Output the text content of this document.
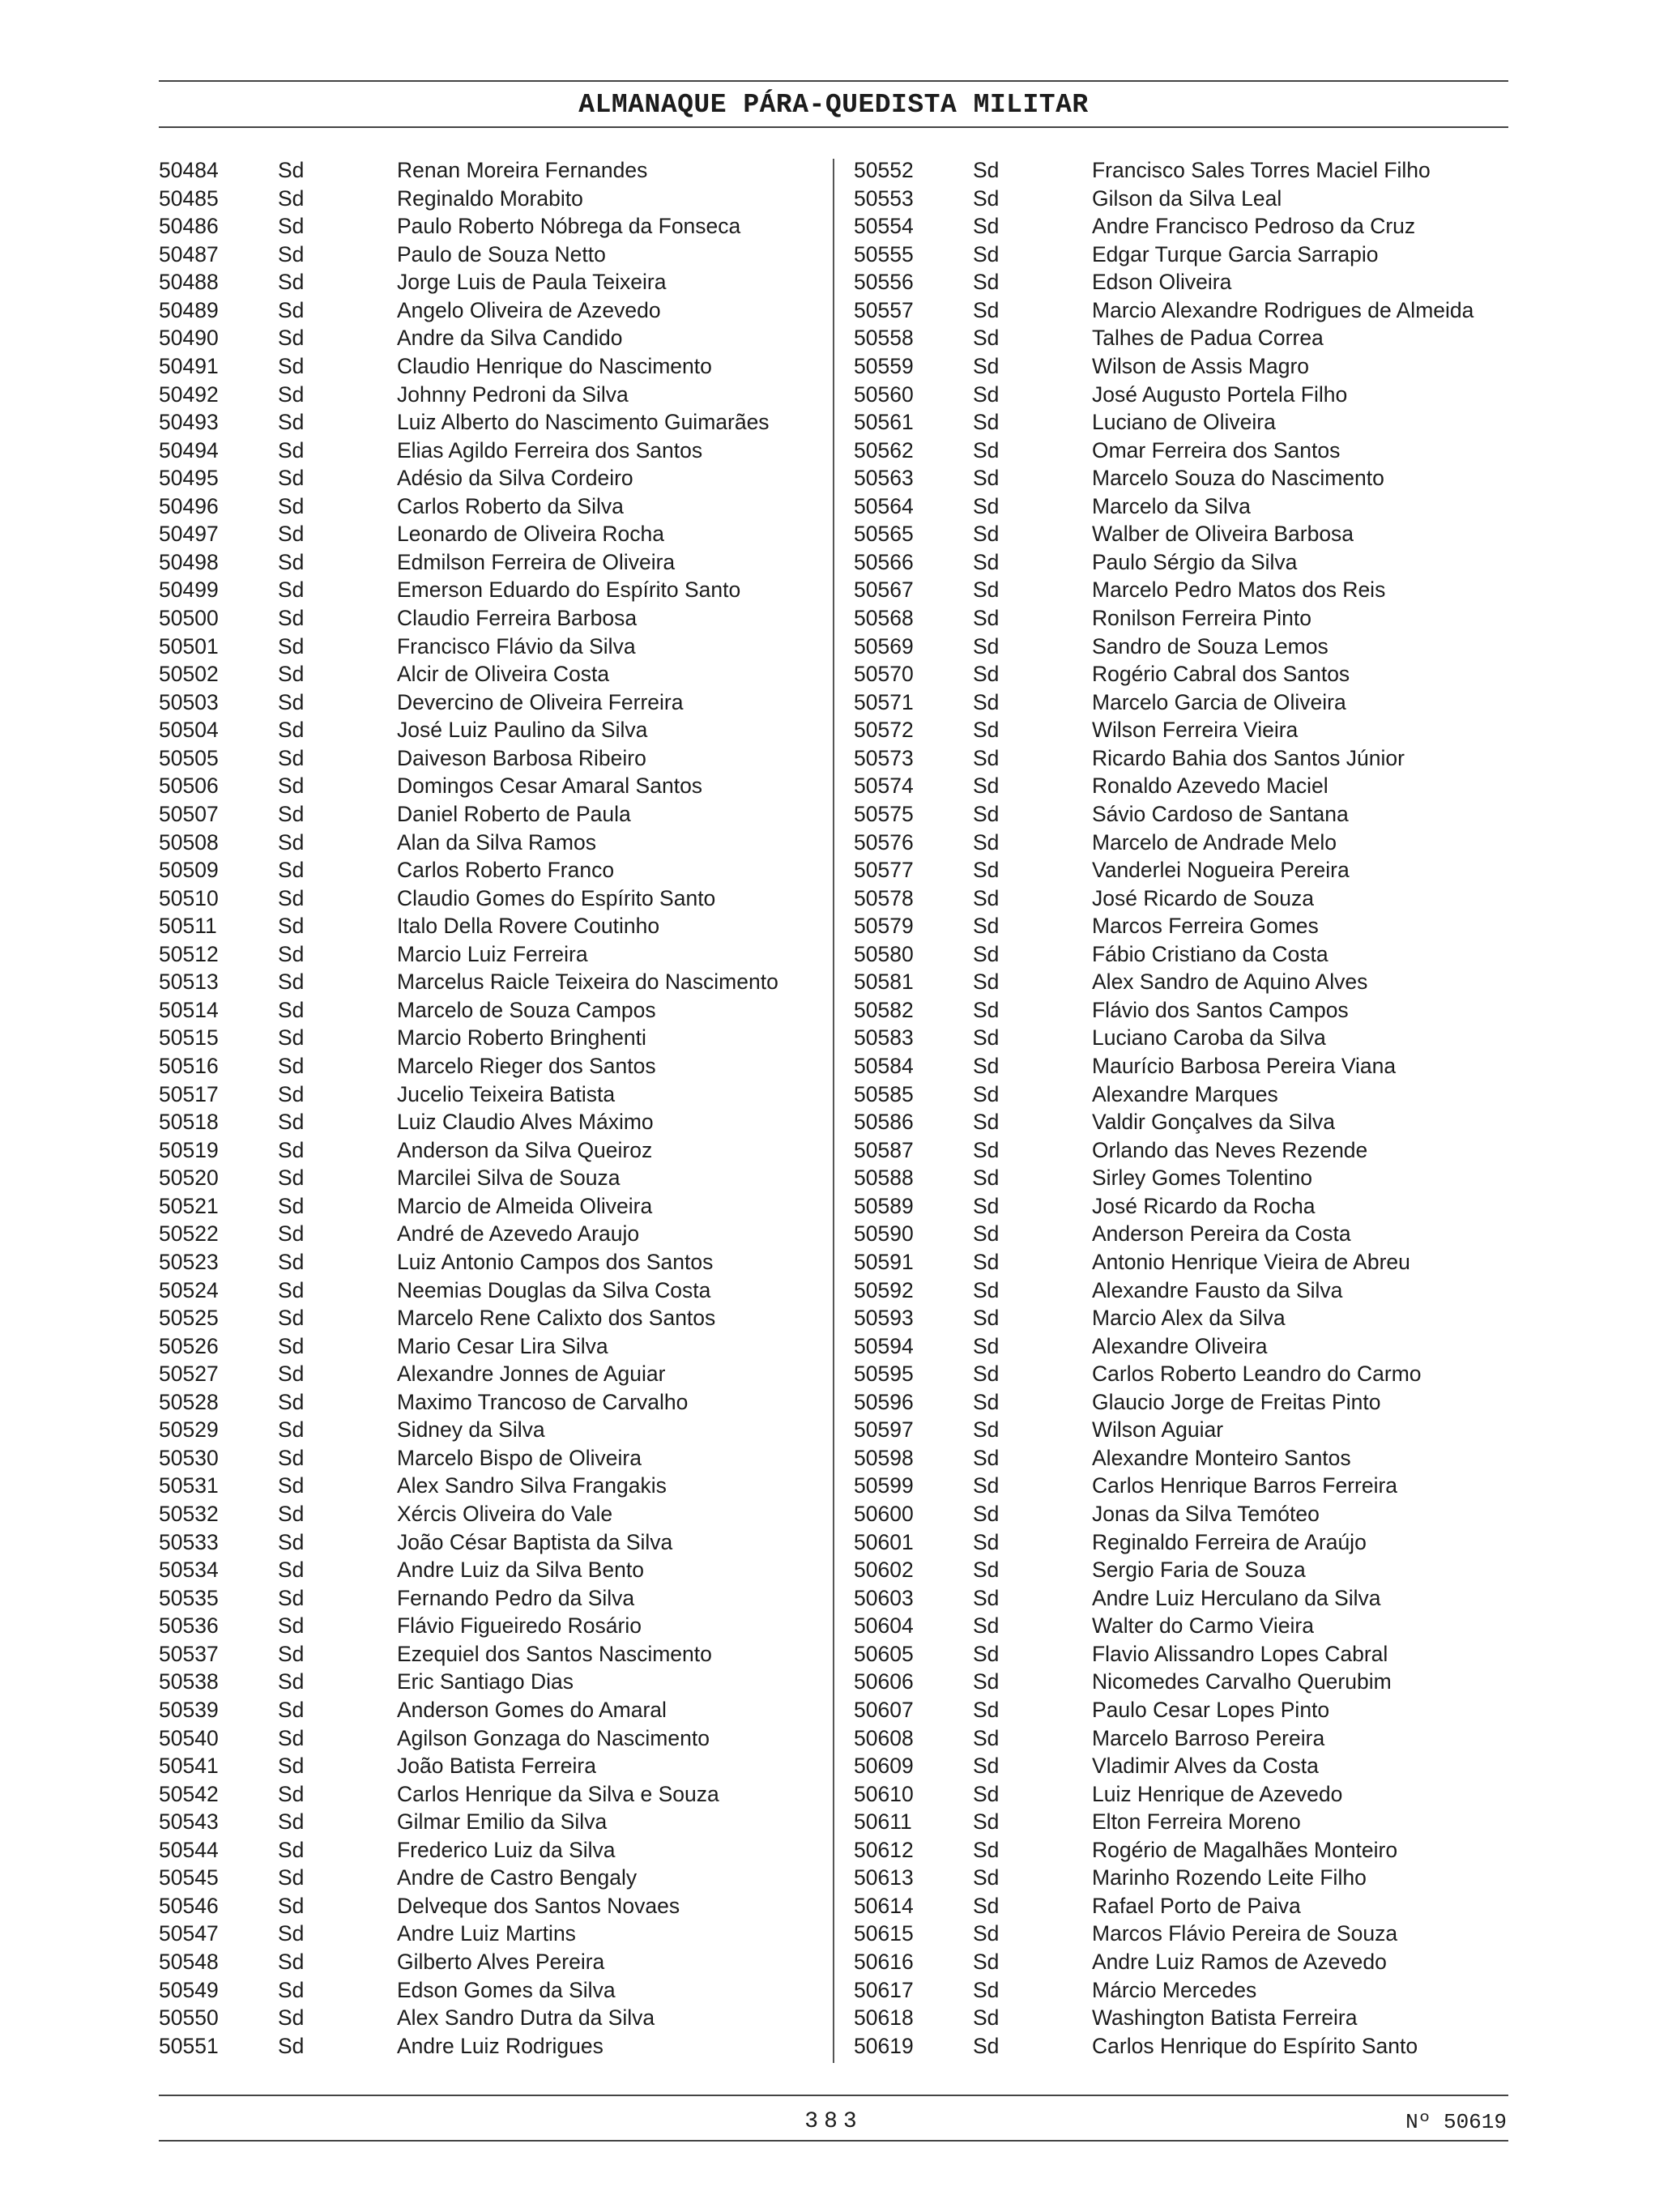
ALMANAQUE PÁRA-QUEDISTA MILITAR
50484	Sd	Renan Moreira Fernandes
50485	Sd	Reginaldo Morabito
50486	Sd	Paulo Roberto Nóbrega da Fonseca
50487	Sd	Paulo de Souza Netto
50488	Sd	Jorge Luis de Paula Teixeira
50489	Sd	Angelo Oliveira de Azevedo
50490	Sd	Andre da Silva Candido
50491	Sd	Claudio Henrique do Nascimento
50492	Sd	Johnny Pedroni da Silva
50493	Sd	Luiz Alberto do Nascimento Guimarães
50494	Sd	Elias Agildo Ferreira dos Santos
50495	Sd	Adésio da Silva Cordeiro
50496	Sd	Carlos Roberto da Silva
50497	Sd	Leonardo de Oliveira Rocha
50498	Sd	Edmilson Ferreira de Oliveira
50499	Sd	Emerson Eduardo do Espírito Santo
50500	Sd	Claudio Ferreira Barbosa
50501	Sd	Francisco Flávio da Silva
50502	Sd	Alcir de Oliveira Costa
50503	Sd	Devercino de Oliveira Ferreira
50504	Sd	José Luiz Paulino da Silva
50505	Sd	Daiveson Barbosa Ribeiro
50506	Sd	Domingos Cesar Amaral Santos
50507	Sd	Daniel Roberto de Paula
50508	Sd	Alan da Silva Ramos
50509	Sd	Carlos Roberto Franco
50510	Sd	Claudio Gomes do Espírito Santo
50511	Sd	Italo Della Rovere Coutinho
50512	Sd	Marcio Luiz Ferreira
50513	Sd	Marcelus Raicle Teixeira do Nascimento
50514	Sd	Marcelo de Souza Campos
50515	Sd	Marcio Roberto Bringhenti
50516	Sd	Marcelo Rieger dos Santos
50517	Sd	Jucelio Teixeira Batista
50518	Sd	Luiz Claudio Alves Máximo
50519	Sd	Anderson da Silva Queiroz
50520	Sd	Marcilei Silva de Souza
50521	Sd	Marcio de Almeida Oliveira
50522	Sd	André de Azevedo Araujo
50523	Sd	Luiz Antonio Campos dos Santos
50524	Sd	Neemias Douglas da Silva Costa
50525	Sd	Marcelo Rene Calixto dos Santos
50526	Sd	Mario Cesar Lira Silva
50527	Sd	Alexandre Jonnes de Aguiar
50528	Sd	Maximo Trancoso de Carvalho
50529	Sd	Sidney da Silva
50530	Sd	Marcelo Bispo de Oliveira
50531	Sd	Alex Sandro Silva Frangakis
50532	Sd	Xércis Oliveira do Vale
50533	Sd	João César Baptista da Silva
50534	Sd	Andre Luiz da Silva Bento
50535	Sd	Fernando Pedro da Silva
50536	Sd	Flávio Figueiredo Rosário
50537	Sd	Ezequiel dos Santos Nascimento
50538	Sd	Eric Santiago Dias
50539	Sd	Anderson Gomes do Amaral
50540	Sd	Agilson Gonzaga do Nascimento
50541	Sd	João Batista Ferreira
50542	Sd	Carlos Henrique da Silva e Souza
50543	Sd	Gilmar Emilio da Silva
50544	Sd	Frederico Luiz da Silva
50545	Sd	Andre de Castro Bengaly
50546	Sd	Delveque dos Santos Novaes
50547	Sd	Andre Luiz Martins
50548	Sd	Gilberto Alves Pereira
50549	Sd	Edson Gomes da Silva
50550	Sd	Alex Sandro Dutra da Silva
50551	Sd	Andre Luiz Rodrigues
50552	Sd	Francisco Sales Torres Maciel Filho
50553	Sd	Gilson da Silva Leal
50554	Sd	Andre Francisco Pedroso da Cruz
50555	Sd	Edgar Turque Garcia Sarrapio
50556	Sd	Edson Oliveira
50557	Sd	Marcio Alexandre Rodrigues de Almeida
50558	Sd	Talhes de Padua Correa
50559	Sd	Wilson de Assis Magro
50560	Sd	José Augusto Portela Filho
50561	Sd	Luciano de Oliveira
50562	Sd	Omar Ferreira dos Santos
50563	Sd	Marcelo Souza do Nascimento
50564	Sd	Marcelo da Silva
50565	Sd	Walber de Oliveira Barbosa
50566	Sd	Paulo Sérgio da Silva
50567	Sd	Marcelo Pedro Matos dos Reis
50568	Sd	Ronilson Ferreira Pinto
50569	Sd	Sandro de Souza Lemos
50570	Sd	Rogério Cabral dos Santos
50571	Sd	Marcelo Garcia de Oliveira
50572	Sd	Wilson Ferreira Vieira
50573	Sd	Ricardo Bahia dos Santos Júnior
50574	Sd	Ronaldo Azevedo Maciel
50575	Sd	Sávio Cardoso de Santana
50576	Sd	Marcelo de Andrade Melo
50577	Sd	Vanderlei Nogueira Pereira
50578	Sd	José Ricardo de Souza
50579	Sd	Marcos Ferreira Gomes
50580	Sd	Fábio Cristiano da Costa
50581	Sd	Alex Sandro de Aquino Alves
50582	Sd	Flávio dos Santos Campos
50583	Sd	Luciano Caroba da Silva
50584	Sd	Maurício Barbosa Pereira Viana
50585	Sd	Alexandre Marques
50586	Sd	Valdir Gonçalves da Silva
50587	Sd	Orlando das Neves Rezende
50588	Sd	Sirley Gomes Tolentino
50589	Sd	José Ricardo da Rocha
50590	Sd	Anderson Pereira da Costa
50591	Sd	Antonio Henrique Vieira de Abreu
50592	Sd	Alexandre Fausto da Silva
50593	Sd	Marcio Alex da Silva
50594	Sd	Alexandre Oliveira
50595	Sd	Carlos Roberto Leandro do Carmo
50596	Sd	Glaucio Jorge de Freitas Pinto
50597	Sd	Wilson Aguiar
50598	Sd	Alexandre Monteiro Santos
50599	Sd	Carlos Henrique Barros Ferreira
50600	Sd	Jonas da Silva Temóteo
50601	Sd	Reginaldo Ferreira de Araújo
50602	Sd	Sergio Faria de Souza
50603	Sd	Andre Luiz Herculano da Silva
50604	Sd	Walter do Carmo Vieira
50605	Sd	Flavio Alissandro Lopes Cabral
50606	Sd	Nicomedes Carvalho Querubim
50607	Sd	Paulo Cesar Lopes Pinto
50608	Sd	Marcelo Barroso Pereira
50609	Sd	Vladimir Alves da Costa
50610	Sd	Luiz Henrique de Azevedo
50611	Sd	Elton Ferreira Moreno
50612	Sd	Rogério de Magalhães Monteiro
50613	Sd	Marinho Rozendo Leite Filho
50614	Sd	Rafael Porto de Paiva
50615	Sd	Marcos Flávio Pereira de Souza
50616	Sd	Andre Luiz Ramos de Azevedo
50617	Sd	Márcio Mercedes
50618	Sd	Washington Batista Ferreira
50619	Sd	Carlos Henrique do Espírito Santo
383	Nº 50619
